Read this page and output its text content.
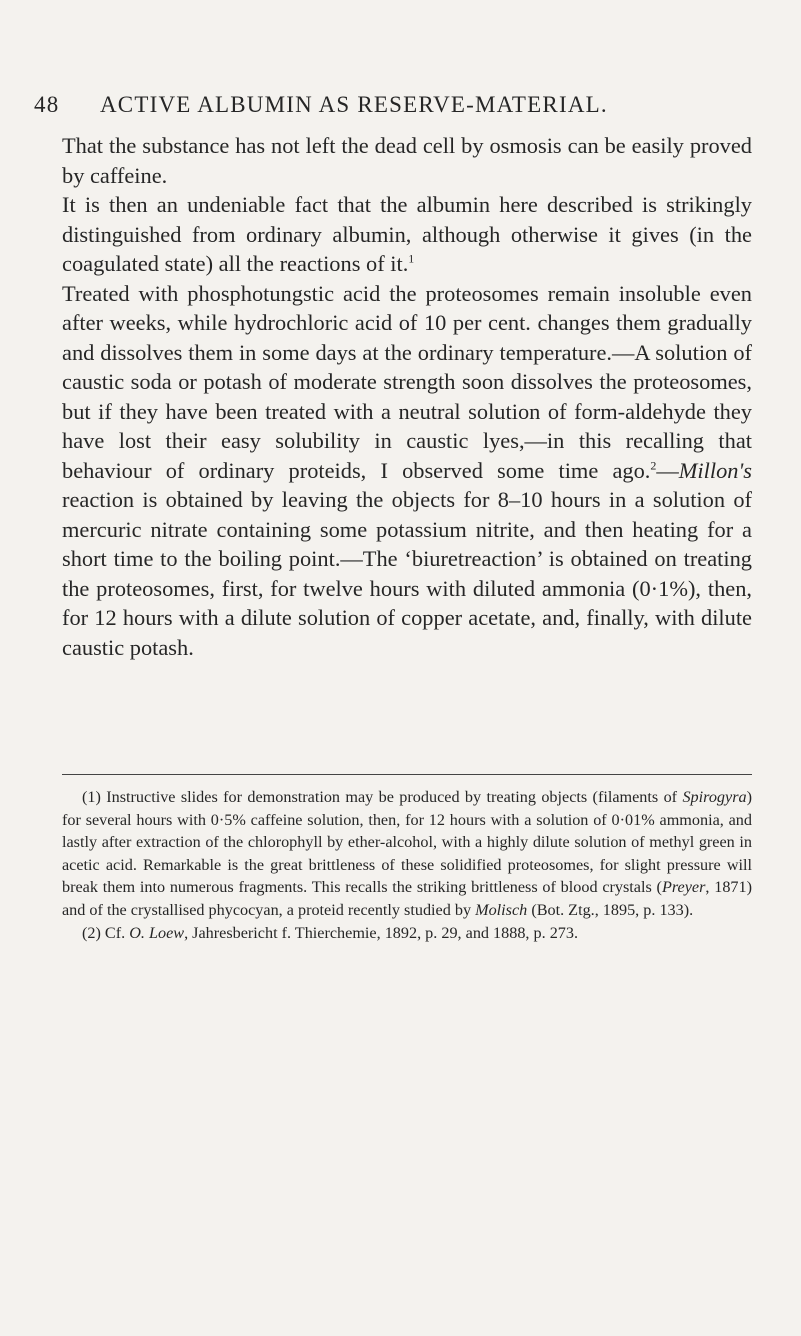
48 ACTIVE ALBUMIN AS RESERVE-MATERIAL.

That the substance has not left the dead cell by osmosis can be easily proved by caffeine.

It is then an undeniable fact that the albumin here described is strikingly distinguished from ordinary albumin, although otherwise it gives (in the coagulated state) all the reactions of it.$^1$

Treated with phosphotungstic acid the proteosomes remain insoluble even after weeks, while hydrochloric acid of 10 per cent. changes them gradually and dissolves them in some days at the ordinary temperature.—A solution of caustic soda or potash of moderate strength soon dissolves the proteosomes, but if they have been treated with a neutral solution of form-aldehyde they have lost their easy solubility in caustic lyes,—in this recalling that behaviour of ordinary proteids, I observed some time ago.$^2$—Millon's reaction is obtained by leaving the objects for 8–10 hours in a solution of mercuric nitrate containing some potassium nitrite, and then heating for a short time to the boiling point.—The ‘biuretreaction’ is obtained on treating the proteosomes, first, for twelve hours with diluted ammonia (0·1%), then, for 12 hours with a dilute solution of copper acetate, and, finally, with dilute caustic potash.

(1) Instructive slides for demonstration may be produced by treating objects (filaments of Spirogyra) for several hours with 0·5% caffeine solution, then, for 12 hours with a solution of 0·01% ammonia, and lastly after extraction of the chlorophyll by ether-alcohol, with a highly dilute solution of methyl green in acetic acid. Remarkable is the great brittleness of these solidified proteosomes, for slight pressure will break them into numerous fragments. This recalls the striking brittleness of blood crystals (Preyer, 1871) and of the crystallised phycocyan, a proteid recently studied by Molisch (Bot. Ztg., 1895, p. 133).

(2) Cf. O. Loew, Jahresbericht f. Thierchemie, 1892, p. 29, and 1888, p. 273.
